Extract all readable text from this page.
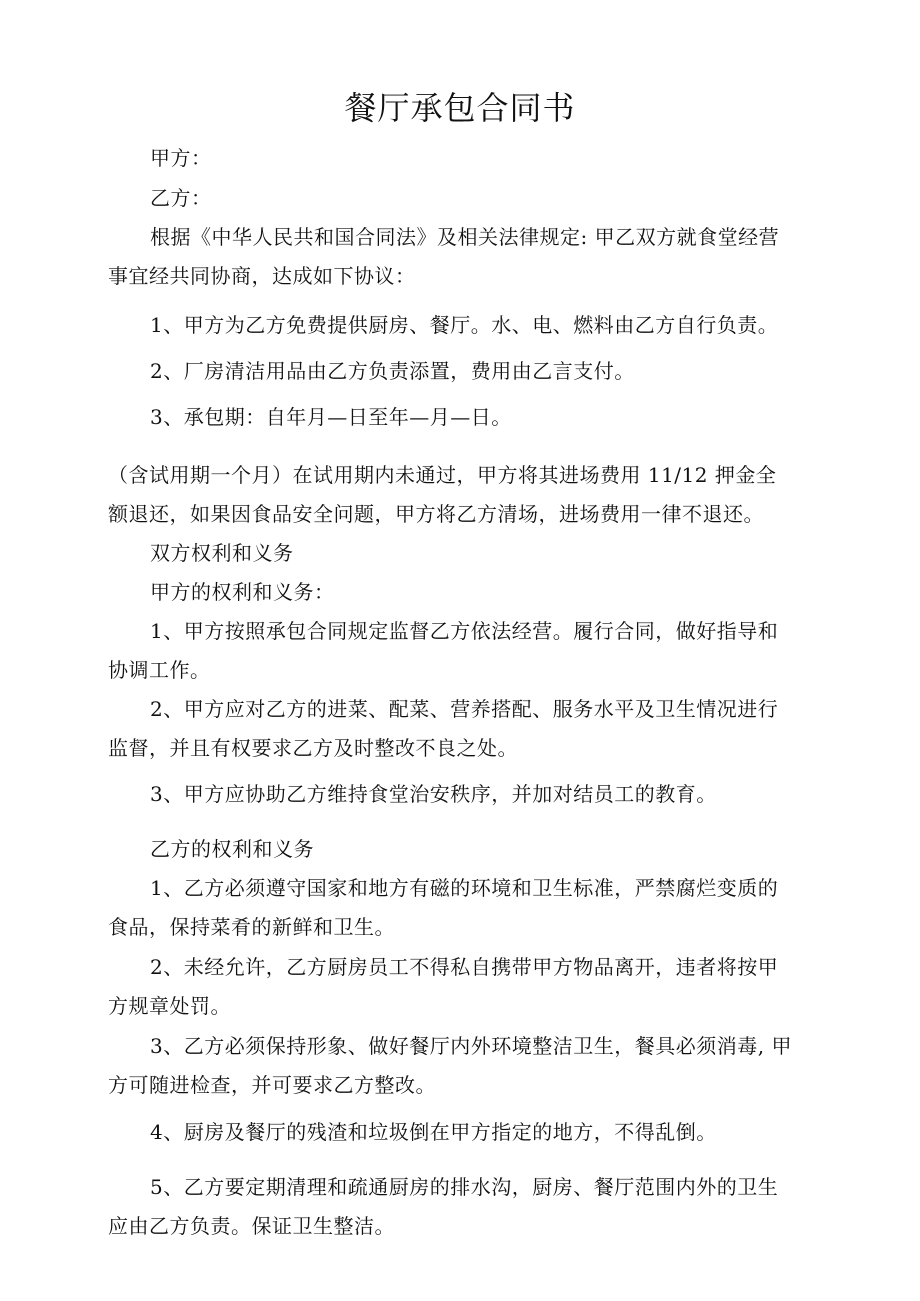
餐厅承包合同书

甲方：

乙方：

根据《中华人民共和国合同法》及相关法律规定: 甲乙双方就食堂经营
事宜经共同协商，达成如下协议：

1、甲方为乙方免费提供厨房、餐厅。水、电、燃料由乙方自行负责。

2、厂房清洁用品由乙方负责添置，费用由乙言支付。

3、承包期：自年月—日至年—月—日。

（含试用期一个月）在试用期内未通过，甲方将其进场费用 11/12 押金全
额退还，如果因食品安全问题，甲方将乙方清场，进场费用一律不退还。

双方权利和义务

甲方的权利和义务：

1、甲方按照承包合同规定监督乙方依法经营。履行合同，做好指导和
协调工作。
2、甲方应对乙方的进菜、配菜、营养搭配、服务水平及卫生情况进行
监督，并且有权要求乙方及时整改不良之处。

3、甲方应协助乙方维持食堂治安秩序，并加对结员工的教育。

乙方的权利和义务

1、乙方必须遵守国家和地方有磁的环境和卫生标准，严禁腐烂变质的
食品，保持菜肴的新鲜和卫生。
2、未经允许，乙方厨房员工不得私自携带甲方物品离开，违者将按甲
方规章处罚。
3、乙方必须保持形象、做好餐厅内外环境整洁卫生，餐具必须消毒, 甲
方可随进检查，并可要求乙方整改。

4、厨房及餐厅的残渣和垃圾倒在甲方指定的地方，不得乱倒。

5、乙方要定期清理和疏通厨房的排水沟，厨房、餐厅范围内外的卫生
应由乙方负责。保证卫生整洁。
